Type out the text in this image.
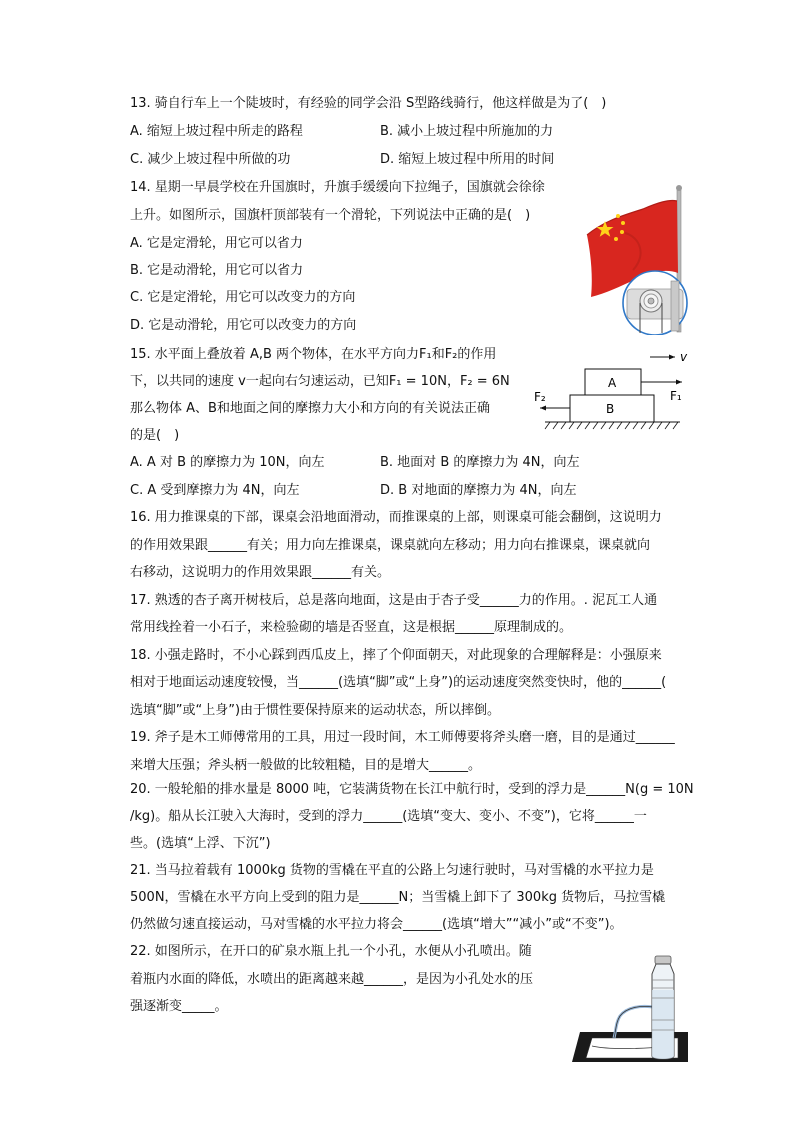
13. 骑自行车上一个陡坡时，有经验的同学会沿 S型路线骑行，他这样做是为了(　)
A. 缩短上坡过程中所走的路程	B. 减小上坡过程中所施加的力
C. 减少上坡过程中所做的功	D. 缩短上坡过程中所用的时间
14. 星期一早晨学校在升国旗时，升旗手缓缓向下拉绳子，国旗就会徐徐
上升。如图所示，国旗杆顶部装有一个滑轮，下列说法中正确的是(　)
A. 它是定滑轮，用它可以省力
B. 它是动滑轮，用它可以省力
C. 它是定滑轮，用它可以改变力的方向
D. 它是动滑轮，用它可以改变力的方向
15. 水平面上叠放着 A,B 两个物体，在水平方向力F₁和F₂的作用
下，以共同的速度 v一起向右匀速运动，已知F₁ = 10N，F₂ = 6N
那么物体 A、B和地面之间的摩擦力大小和方向的有关说法正确
的是(　)
A. A 对 B 的摩擦力为 10N，向左	B. 地面对 B 的摩擦力为 4N，向左
C. A 受到摩擦力为 4N，向左	D. B 对地面的摩擦力为 4N，向左
v
A
F₁
B
F₂
16. 用力推课桌的下部，课桌会沿地面滑动，而推课桌的上部，则课桌可能会翻倒，这说明力
的作用效果跟______有关；用力向左推课桌，课桌就向左移动；用力向右推课桌，课桌就向
右移动，这说明力的作用效果跟______有关。
17. 熟透的杏子离开树枝后，总是落向地面，这是由于杏子受______力的作用。. 泥瓦工人通
常用线拴着一小石子，来检验砌的墙是否竖直，这是根据______原理制成的。
18. 小强走路时，不小心踩到西瓜皮上，摔了个仰面朝天，对此现象的合理解释是：小强原来
相对于地面运动速度较慢，当______(选填“脚”或“上身”)的运动速度突然变快时，他的______(
选填“脚”或“上身”)由于惯性要保持原来的运动状态，所以摔倒。
19. 斧子是木工师傅常用的工具，用过一段时间，木工师傅要将斧头磨一磨，目的是通过______
来增大压强；斧头柄一般做的比较粗糙，目的是增大______。
20. 一般轮船的排水量是 8000 吨，它装满货物在长江中航行时，受到的浮力是______N(g = 10N
/kg)。船从长江驶入大海时，受到的浮力______(选填“变大、变小、不变”)，它将______一
些。(选填“上浮、下沉”)
21. 当马拉着载有 1000kg 货物的雪橇在平直的公路上匀速行驶时，马对雪橇的水平拉力是
500N，雪橇在水平方向上受到的阻力是______N；当雪橇上卸下了 300kg 货物后，马拉雪橇
仍然做匀速直接运动，马对雪橇的水平拉力将会______(选填“增大”“减小”或“不变”)。
22. 如图所示，在开口的矿泉水瓶上扎一个小孔，水便从小孔喷出。随
着瓶内水面的降低，水喷出的距离越来越______，是因为小孔处水的压
强逐渐变_____。
